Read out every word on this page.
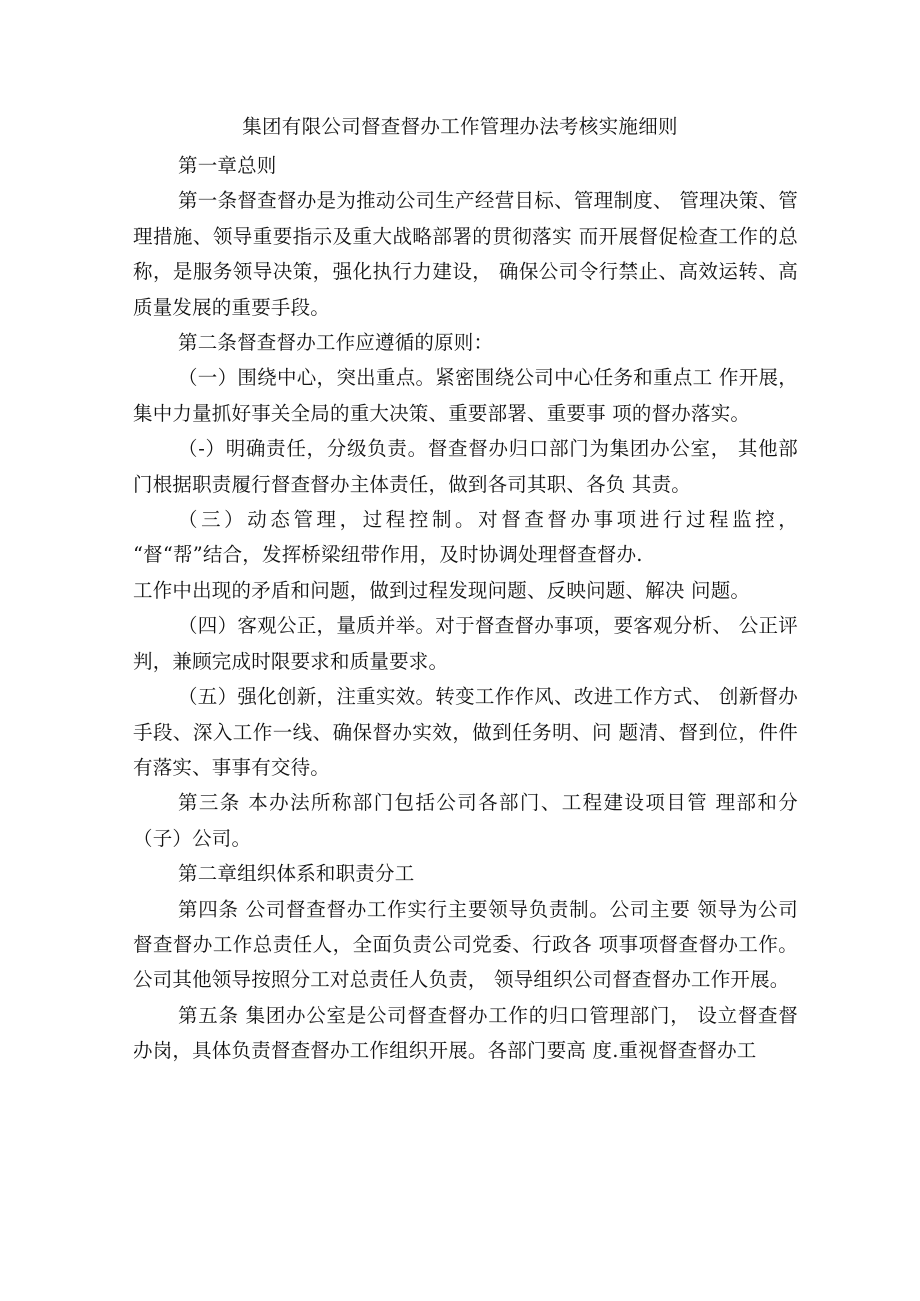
集团有限公司督查督办工作管理办法考核实施细则

第一章总则

第一条督查督办是为推动公司生产经营目标、管理制度、 管理决策、管理措施、领导重要指示及重大战略部署的贯彻落实 而开展督促检查工作的总称，是服务领导决策，强化执行力建设， 确保公司令行禁止、高效运转、高质量发展的重要手段。

第二条督查督办工作应遵循的原则：

（一）围绕中心，突出重点。紧密围绕公司中心任务和重点工 作开展，集中力量抓好事关全局的重大决策、重要部署、重要事 项的督办落实。

（-）明确责任，分级负责。督查督办归口部门为集团办公室， 其他部门根据职责履行督查督办主体责任，做到各司其职、各负 其责。

（三）动态管理，过程控制。对督查督办事项进行过程监控， “督“帮”结合，发挥桥梁纽带作用，及时协调处理督查督办.

工作中出现的矛盾和问题，做到过程发现问题、反映问题、解决 问题。

（四）客观公正，量质并举。对于督查督办事项，要客观分析、 公正评判，兼顾完成时限要求和质量要求。

（五）强化创新，注重实效。转变工作作风、改进工作方式、 创新督办手段、深入工作一线、确保督办实效，做到任务明、问 题清、督到位，件件有落实、事事有交待。

第三条 本办法所称部门包括公司各部门、工程建设项目管 理部和分（子）公司。

第二章组织体系和职责分工

第四条 公司督查督办工作实行主要领导负责制。公司主要 领导为公司督查督办工作总责任人，全面负责公司党委、行政各 项事项督查督办工作。公司其他领导按照分工对总责任人负责， 领导组织公司督查督办工作开展。

第五条 集团办公室是公司督查督办工作的归口管理部门， 设立督查督办岗，具体负责督查督办工作组织开展。各部门要高 度.重视督查督办工
